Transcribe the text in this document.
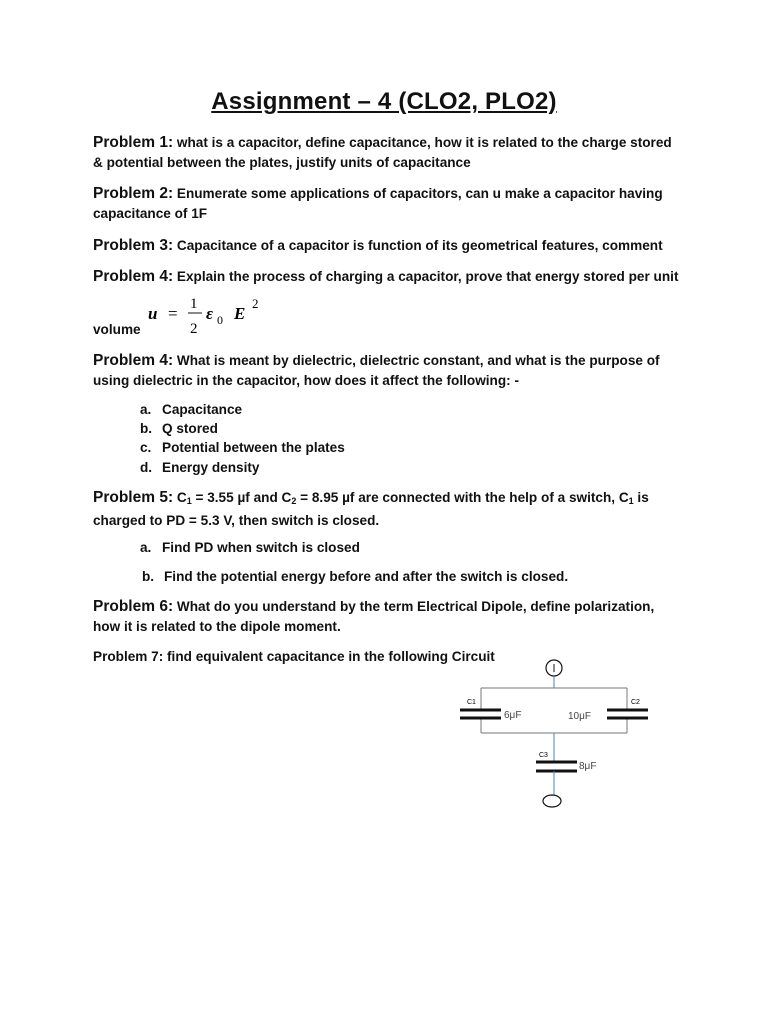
Assignment – 4 (CLO2, PLO2)
Problem 1: what is a capacitor, define capacitance, how it is related to the charge stored & potential between the plates, justify units of capacitance
Problem 2: Enumerate some applications of capacitors, can u make a capacitor having capacitance of 1F
Problem 3: Capacitance of a capacitor is function of its geometrical features, comment
Problem 4: Explain the process of charging a capacitor, prove that energy stored per unit
volume
u = 1
2
ε 0 E
2
Problem 4: What is meant by dielectric, dielectric constant, and what is the purpose of using dielectric in the capacitor, how does it affect the following: -
a. Capacitance
b. Q stored
c. Potential between the plates
d. Energy density
Problem 5: $C_1 = 3.55$ µf and $C_2 = 8.95$ µf are connected with the help of a switch, $C_1$ is charged to PD = 5.3 V, then switch is closed.
a. Find PD when switch is closed
b. Find the potential energy before and after the switch is closed.
Problem 6: What do you understand by the term Electrical Dipole, define polarization, how it is related to the dipole moment.
Problem 7: find equivalent capacitance in the following Circuit
C1
6μF
C2
10μF
C3
8μF
